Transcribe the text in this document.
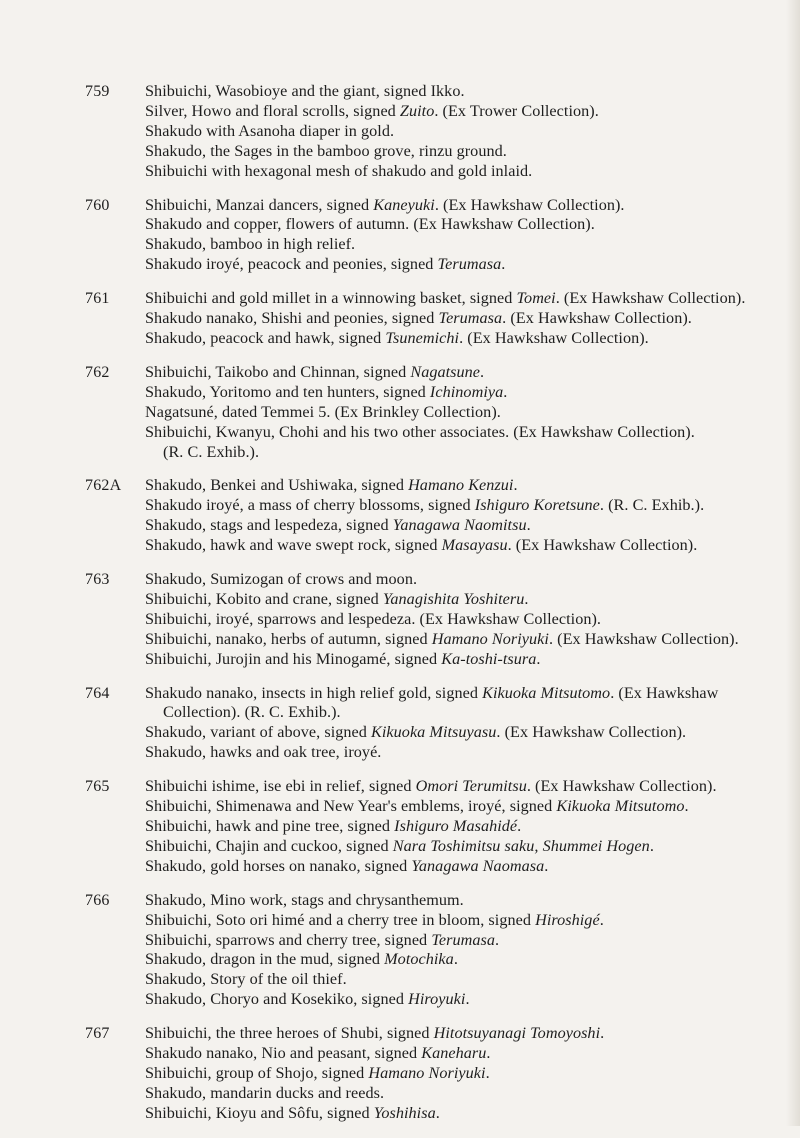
759	Shibuichi, Wasobioye and the giant, signed Ikko.
Silver, Howo and floral scrolls, signed Zuito. (Ex Trower Collection).
Shakudo with Asanoha diaper in gold.
Shakudo, the Sages in the bamboo grove, rinzu ground.
Shibuichi with hexagonal mesh of shakudo and gold inlaid.
760	Shibuichi, Manzai dancers, signed Kaneyuki. (Ex Hawkshaw Collection).
Shakudo and copper, flowers of autumn. (Ex Hawkshaw Collection).
Shakudo, bamboo in high relief.
Shakudo iroyé, peacock and peonies, signed Terumasa.
761	Shibuichi and gold millet in a winnowing basket, signed Tomei. (Ex Hawkshaw Collection).
Shakudo nanako, Shishi and peonies, signed Terumasa. (Ex Hawkshaw Collection).
Shakudo, peacock and hawk, signed Tsunemichi. (Ex Hawkshaw Collection).
762	Shibuichi, Taikobo and Chinnan, signed Nagatsune.
Shakudo, Yoritomo and ten hunters, signed Ichinomiya.
Nagatsuné, dated Temmei 5. (Ex Brinkley Collection).
Shibuichi, Kwanyu, Chohi and his two other associates. (Ex Hawkshaw Collection).
(R. C. Exhib.).
762A	Shakudo, Benkei and Ushiwaka, signed Hamano Kenzui.
Shakudo iroyé, a mass of cherry blossoms, signed Ishiguro Koretsune. (R. C. Exhib.).
Shakudo, stags and lespedeza, signed Yanagawa Naomitsu.
Shakudo, hawk and wave swept rock, signed Masayasu. (Ex Hawkshaw Collection).
763	Shakudo, Sumizogan of crows and moon.
Shibuichi, Kobito and crane, signed Yanagishita Yoshiteru.
Shibuichi, iroyé, sparrows and lespedeza. (Ex Hawkshaw Collection).
Shibuichi, nanako, herbs of autumn, signed Hamano Noriyuki. (Ex Hawkshaw Collection).
Shibuichi, Jurojin and his Minogamé, signed Ka-toshi-tsura.
764	Shakudo nanako, insects in high relief gold, signed Kikuoka Mitsutomo. (Ex Hawkshaw
Collection). (R. C. Exhib.).
Shakudo, variant of above, signed Kikuoka Mitsuyasu. (Ex Hawkshaw Collection).
Shakudo, hawks and oak tree, iroyé.
765	Shibuichi ishime, ise ebi in relief, signed Omori Terumitsu. (Ex Hawkshaw Collection).
Shibuichi, Shimenawa and New Year's emblems, iroyé, signed Kikuoka Mitsutomo.
Shibuichi, hawk and pine tree, signed Ishiguro Masahidé.
Shibuichi, Chajin and cuckoo, signed Nara Toshimitsu saku, Shummei Hogen.
Shakudo, gold horses on nanako, signed Yanagawa Naomasa.
766	Shakudo, Mino work, stags and chrysanthemum.
Shibuichi, Soto ori himé and a cherry tree in bloom, signed Hiroshigé.
Shibuichi, sparrows and cherry tree, signed Terumasa.
Shakudo, dragon in the mud, signed Motochika.
Shakudo, Story of the oil thief.
Shakudo, Choryo and Kosekiko, signed Hiroyuki.
767	Shibuichi, the three heroes of Shubi, signed Hitotsuyanagi Tomoyoshi.
Shakudo nanako, Nio and peasant, signed Kaneharu.
Shibuichi, group of Shojo, signed Hamano Noriyuki.
Shakudo, mandarin ducks and reeds.
Shibuichi, Kioyu and Sôfu, signed Yoshihisa.
